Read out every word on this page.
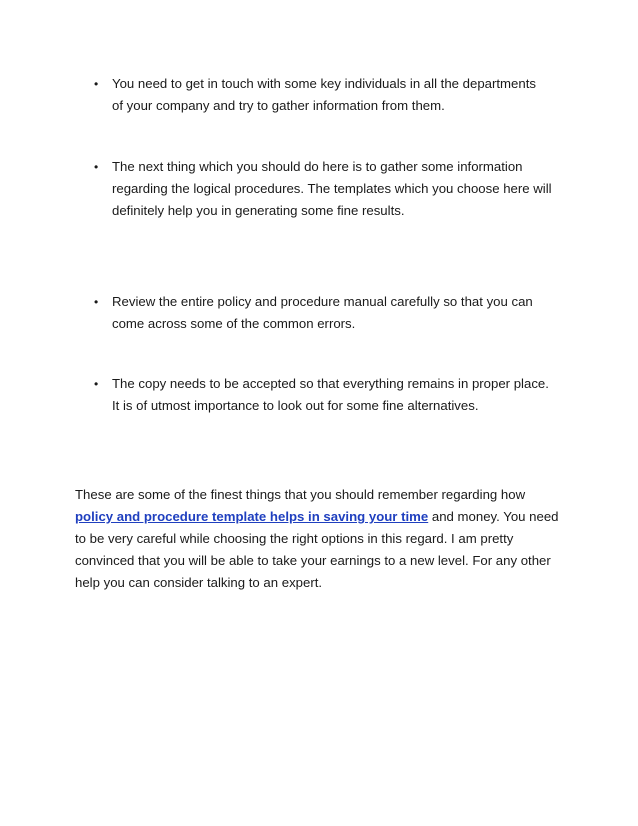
• You need to get in touch with some key individuals in all the departments
of your company and try to gather information from them.
• The next thing which you should do here is to gather some information
regarding the logical procedures. The templates which you choose here will
definitely help you in generating some fine results.
• Review the entire policy and procedure manual carefully so that you can
come across some of the common errors.
• The copy needs to be accepted so that everything remains in proper place.
It is of utmost importance to look out for some fine alternatives.
These are some of the finest things that you should remember regarding how
policy and procedure template helps in saving your time and money. You need
to be very careful while choosing the right options in this regard. I am pretty
convinced that you will be able to take your earnings to a new level. For any other
help you can consider talking to an expert.
